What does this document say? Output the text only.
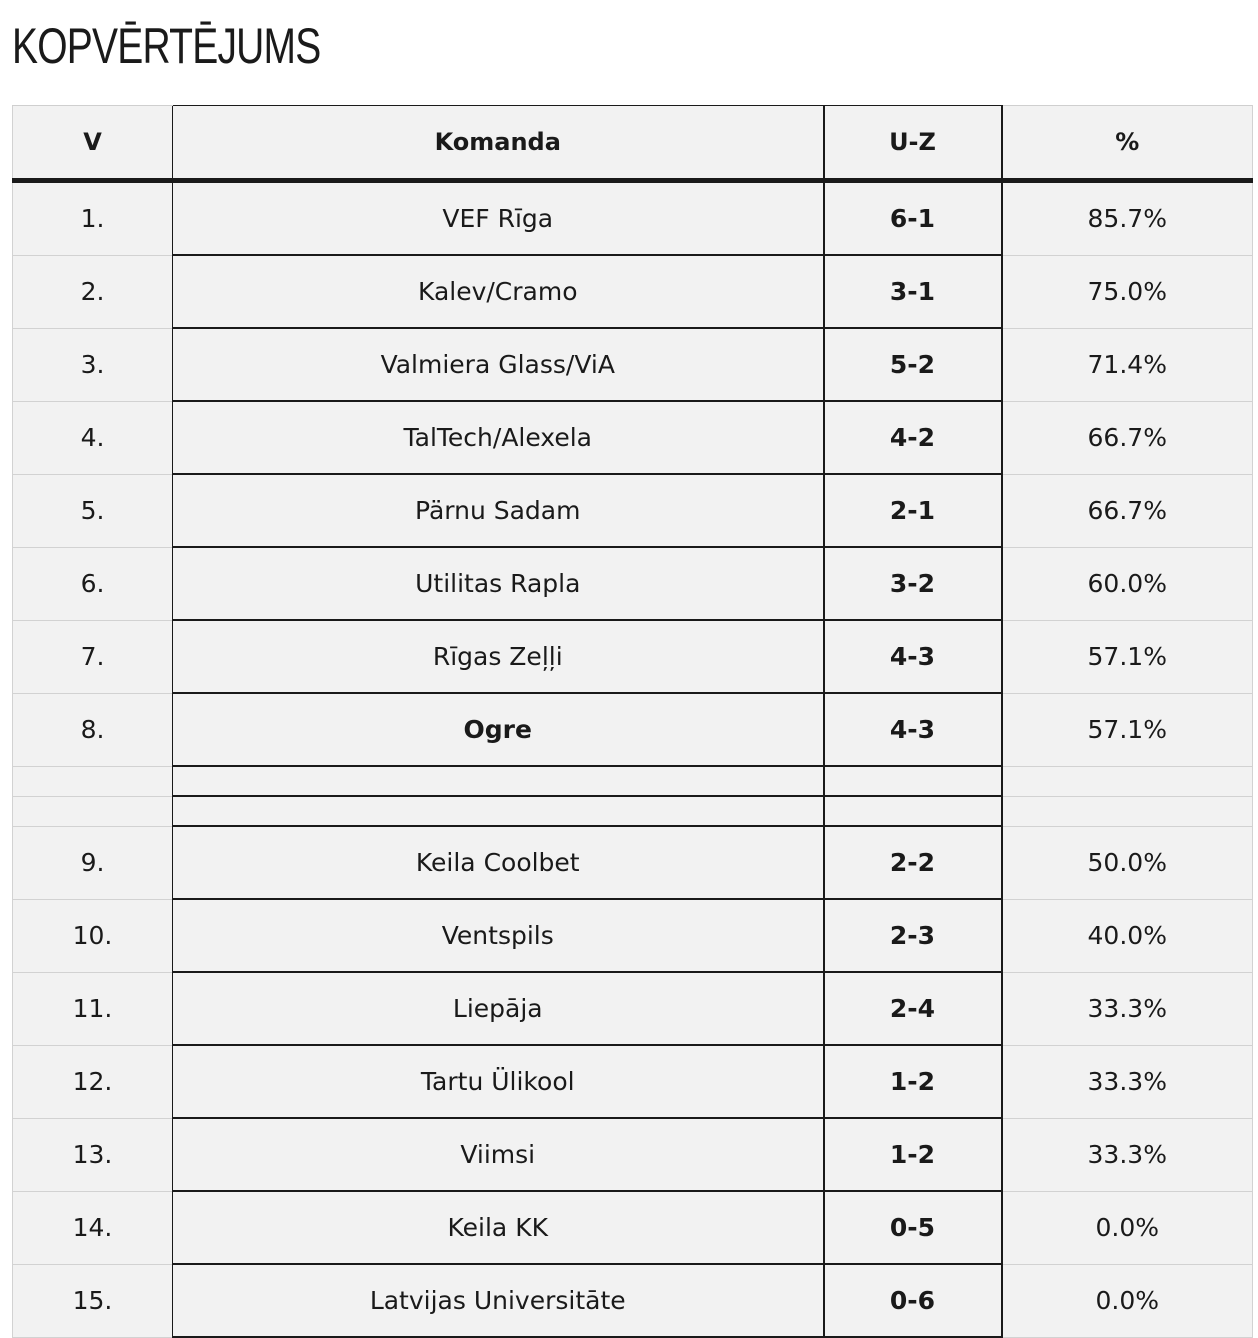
KOPVĒRTĒJUMS
V	Komanda	U-Z	%
1.	VEF Rīga	6-1	85.7%
2.	Kalev/Cramo	3-1	75.0%
3.	Valmiera Glass/ViA	5-2	71.4%
4.	TalTech/Alexela	4-2	66.7%
5.	Pärnu Sadam	2-1	66.7%
6.	Utilitas Rapla	3-2	60.0%
7.	Rīgas Zeļļi	4-3	57.1%
8.	Ogre	4-3	57.1%

9.	Keila Coolbet	2-2	50.0%
10.	Ventspils	2-3	40.0%
11.	Liepāja	2-4	33.3%
12.	Tartu Ülikool	1-2	33.3%
13.	Viimsi	1-2	33.3%
14.	Keila KK	0-5	0.0%
15.	Latvijas Universitāte	0-6	0.0%
